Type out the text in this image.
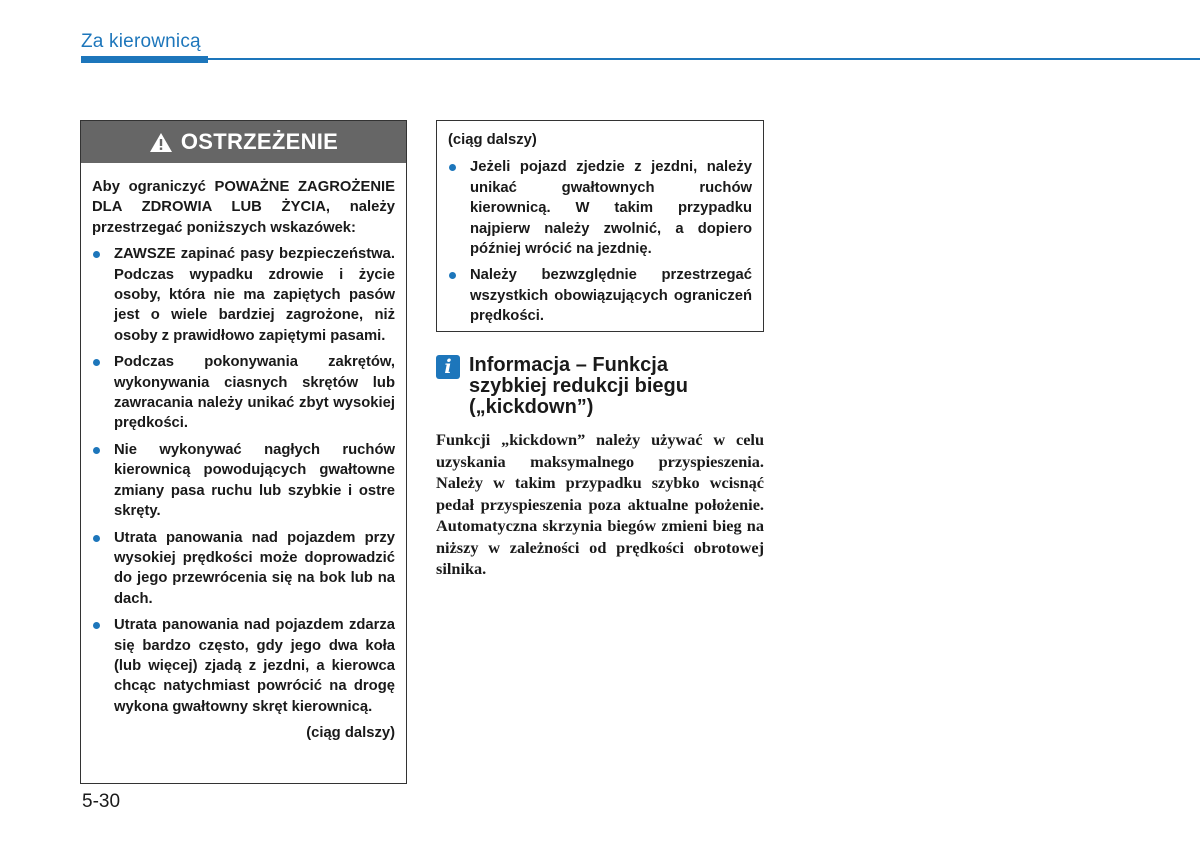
Za kierownicą
OSTRZEŻENIE

Aby ograniczyć POWAŻNE ZAGROŻENIE DLA ZDROWIA LUB ŻYCIA, należy przestrzegać poniższych wskazówek:

ZAWSZE zapinać pasy bezpieczeństwa. Podczas wypadku zdrowie i życie osoby, która nie ma zapiętych pasów jest o wiele bardziej zagrożone, niż osoby z prawidłowo zapiętymi pasami.
Podczas pokonywania zakrętów, wykonywania ciasnych skrętów lub zawracania należy unikać zbyt wysokiej prędkości.
Nie wykonywać nagłych ruchów kierownicą powodujących gwałtowne zmiany pasa ruchu lub szybkie i ostre skręty.
Utrata panowania nad pojazdem przy wysokiej prędkości może doprowadzić do jego przewrócenia się na bok lub na dach.
Utrata panowania nad pojazdem zdarza się bardzo często, gdy jego dwa koła (lub więcej) zjadą z jezdni, a kierowca chcąc natychmiast powrócić na drogę wykona gwałtowny skręt kierownicą.
(ciąg dalszy)
(ciąg dalszy)
Jeżeli pojazd zjedzie z jezdni, należy unikać gwałtownych ruchów kierownicą. W takim przypadku najpierw należy zwolnić, a dopiero później wrócić na jezdnię.
Należy bezwzględnie przestrzegać wszystkich obowiązujących ograniczeń prędkości.
i Informacja – Funkcja
szybkiej redukcji biegu
(„kickdown”)

Funkcji „kickdown” należy używać w celu uzyskania maksymalnego przyspieszenia. Należy w takim przypadku szybko wcisnąć pedał przyspieszenia poza aktualne położenie. Automatyczna skrzynia biegów zmieni bieg na niższy w zależności od prędkości obrotowej silnika.

5-30
